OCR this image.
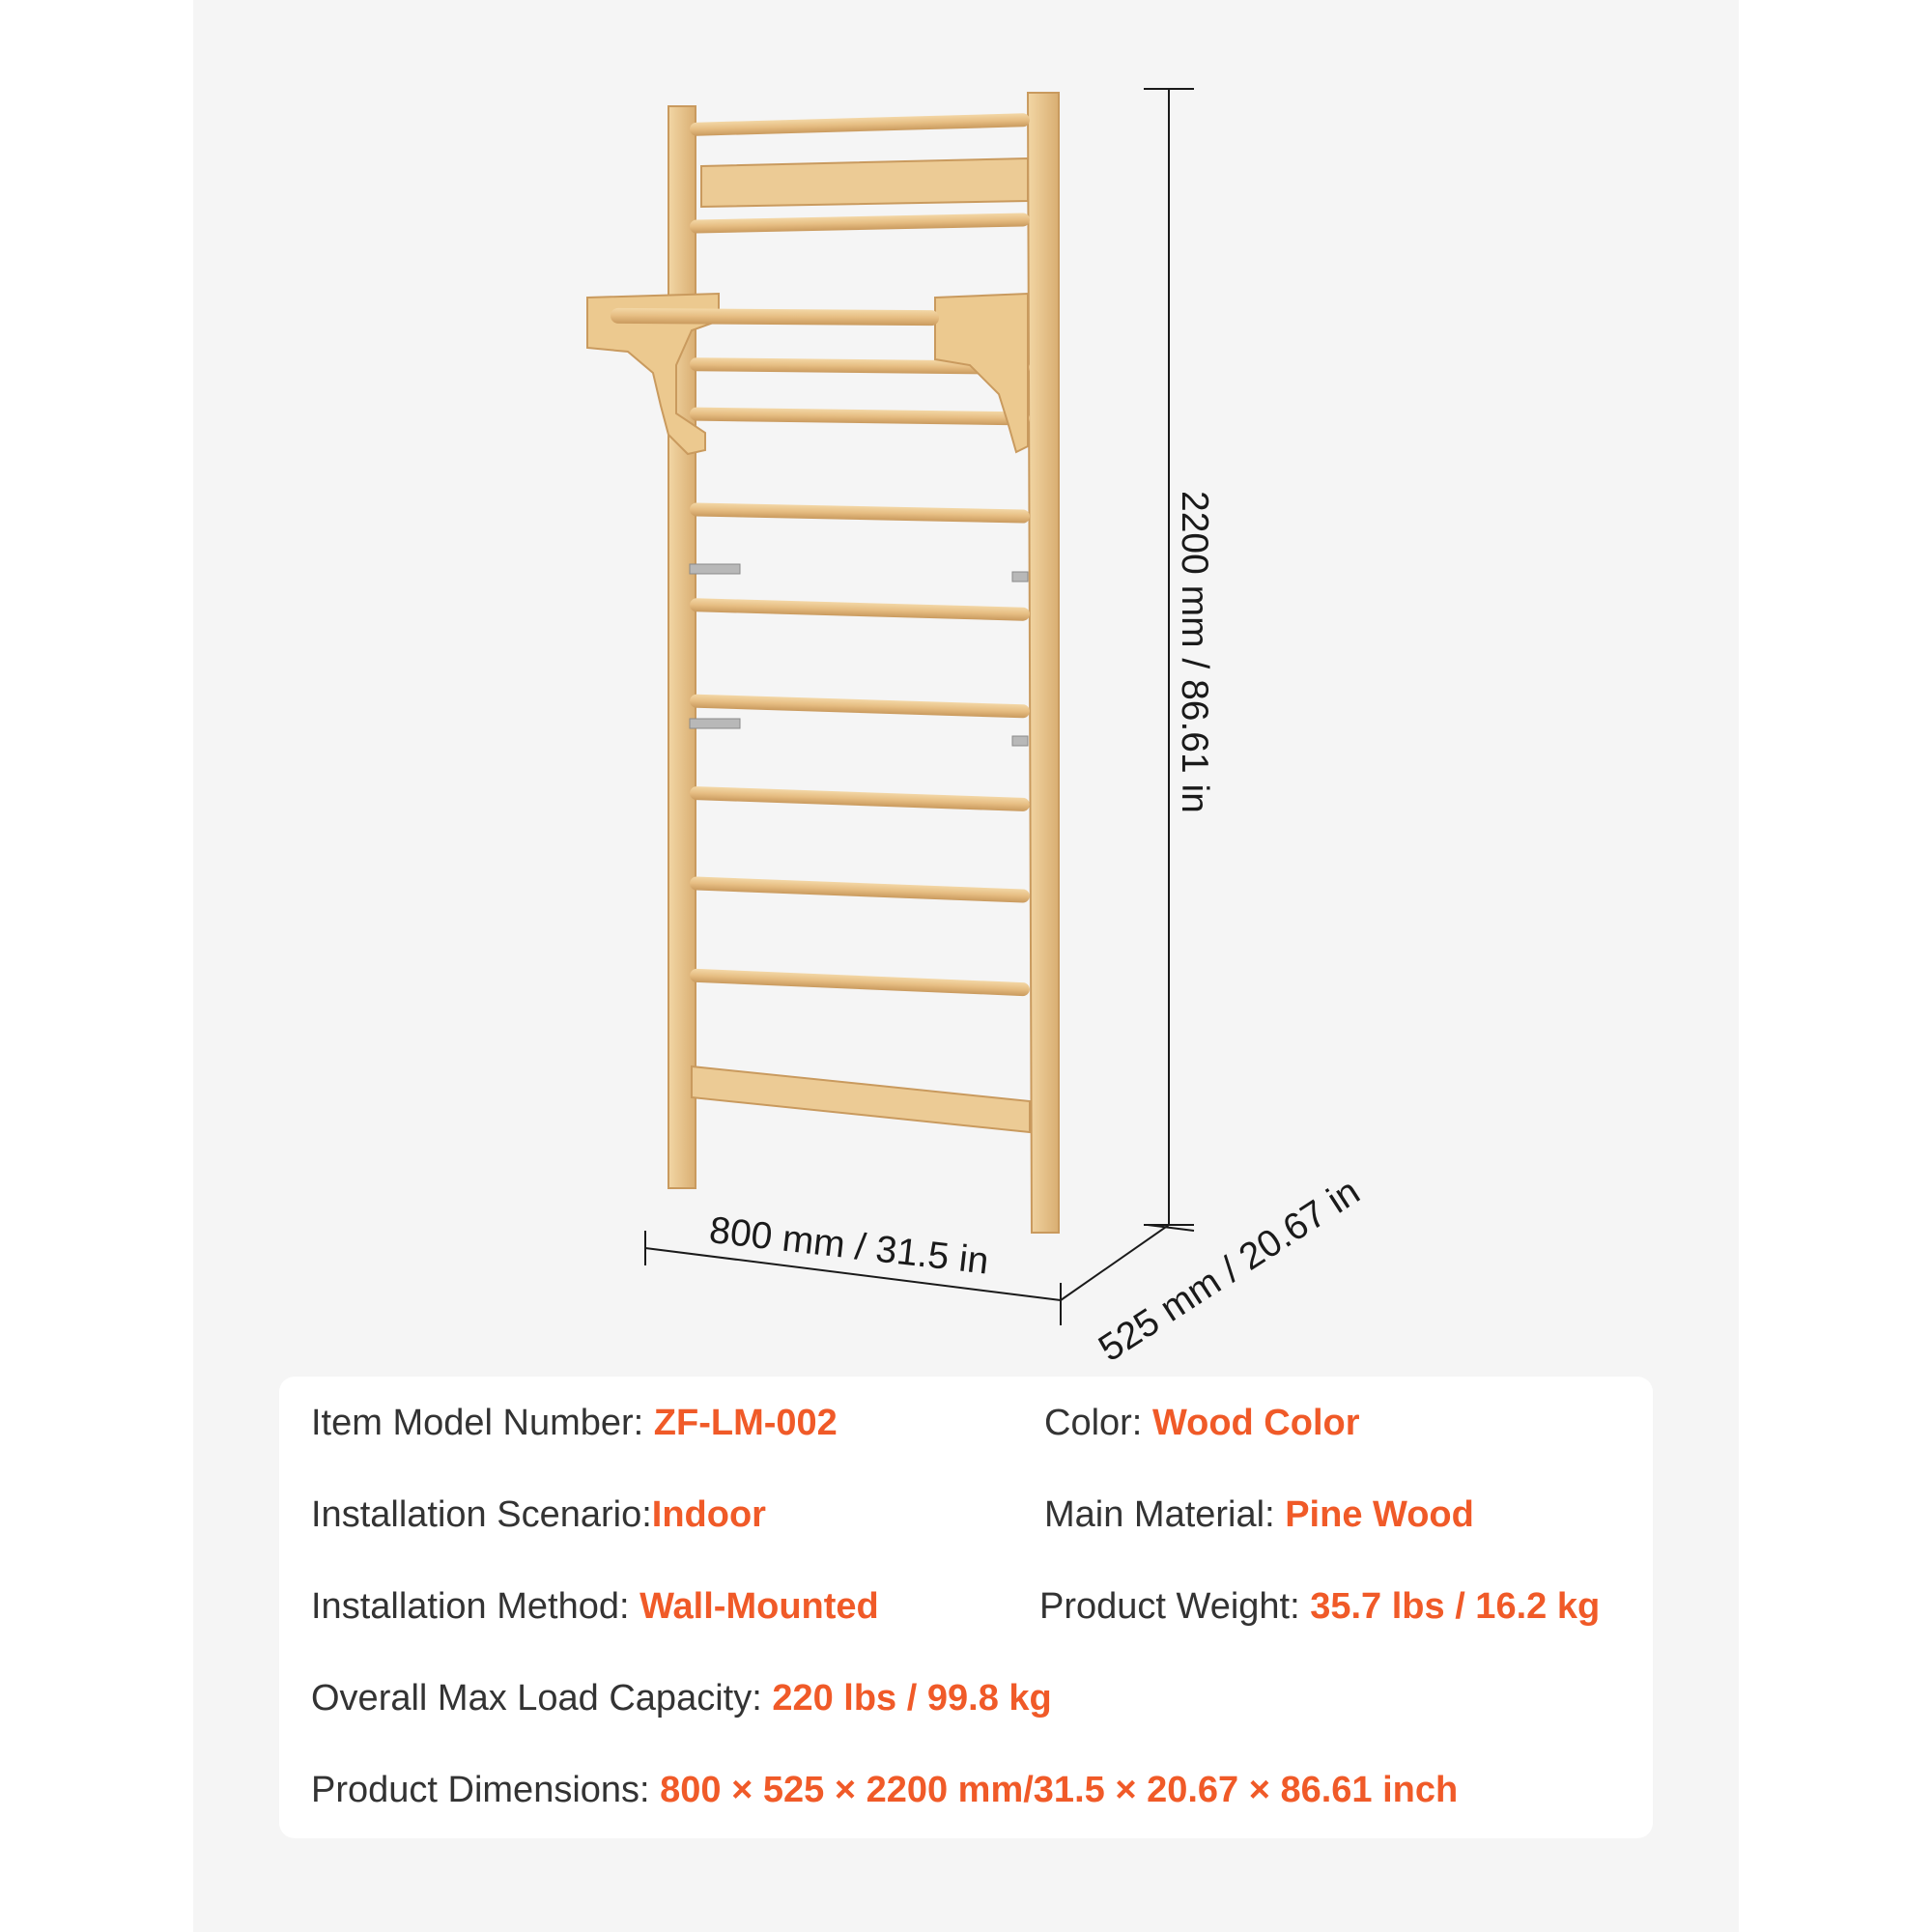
2200 mm / 86.61 in
800 mm / 31.5 in	525 mm / 20.67 in
Item Model Number: ZF-LM-002	Color: Wood Color
Installation Scenario:Indoor	Main Material: Pine Wood
Installation Method: Wall-Mounted	Product Weight: 35.7 lbs / 16.2 kg
Overall Max Load Capacity: 220 lbs / 99.8 kg
Product Dimensions: 800 × 525 × 2200 mm/31.5 × 20.67 × 86.61 inch
